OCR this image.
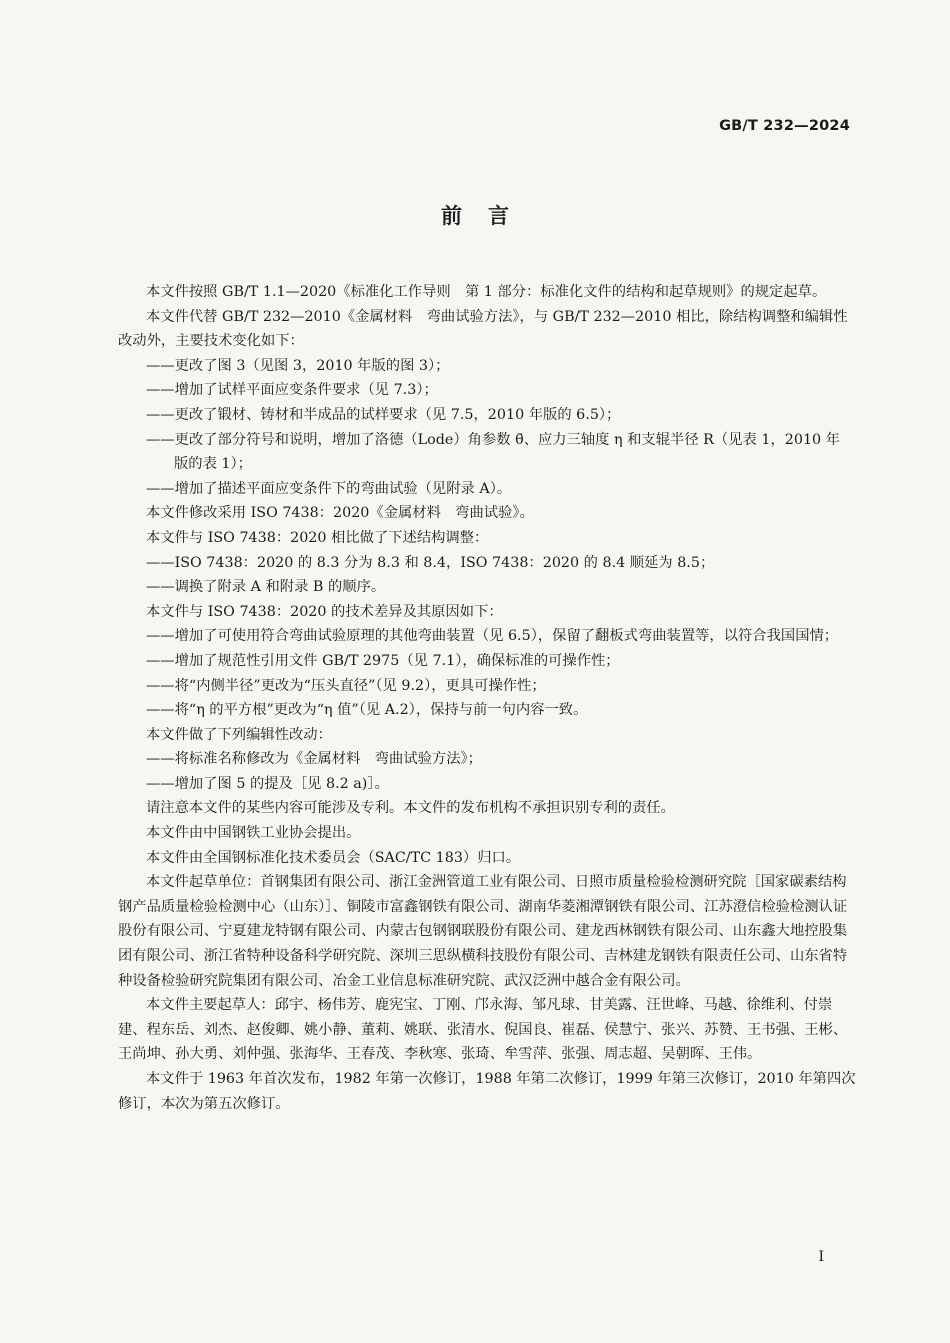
GB/T 232—2024
前言

本文件按照 GB/T 1.1—2020《标准化工作导则　第 1 部分：标准化文件的结构和起草规则》的规定起草。

本文件代替 GB/T 232—2010《金属材料　弯曲试验方法》，与 GB/T 232—2010 相比，除结构调整和编辑性改动外，主要技术变化如下：

—— 更改了图 3（见图 3，2010 年版的图 3）；

—— 增加了试样平面应变条件要求（见 7.3）；

—— 更改了锻材、铸材和半成品的试样要求（见 7.5，2010 年版的 6.5）；

—— 更改了部分符号和说明，增加了洛德（Lode）角参数 θ̄、应力三轴度 η 和支辊半径 R（见表 1，2010 年版的表 1）；

—— 增加了描述平面应变条件下的弯曲试验（见附录 A）。

本文件修改采用 ISO 7438：2020《金属材料　弯曲试验》。

本文件与 ISO 7438：2020 相比做了下述结构调整：

—— ISO 7438：2020 的 8.3 分为 8.3 和 8.4，ISO 7438：2020 的 8.4 顺延为 8.5；

—— 调换了附录 A 和附录 B 的顺序。

本文件与 ISO 7438：2020 的技术差异及其原因如下：

—— 增加了可使用符合弯曲试验原理的其他弯曲装置（见 6.5），保留了翻板式弯曲装置等，以符合我国国情；

—— 增加了规范性引用文件 GB/T 2975（见 7.1），确保标准的可操作性；

—— 将“内侧半径”更改为“压头直径”（见 9.2），更具可操作性；

—— 将“η 的平方根”更改为“η 值”（见 A.2），保持与前一句内容一致。

本文件做了下列编辑性改动：

—— 将标准名称修改为《金属材料　弯曲试验方法》；

—— 增加了图 5 的提及［见 8.2 a)］。

请注意本文件的某些内容可能涉及专利。本文件的发布机构不承担识别专利的责任。

本文件由中国钢铁工业协会提出。

本文件由全国钢标准化技术委员会（SAC/TC 183）归口。

本文件起草单位：首钢集团有限公司、浙江金洲管道工业有限公司、日照市质量检验检测研究院［国家碳素结构钢产品质量检验检测中心（山东）］、铜陵市富鑫钢铁有限公司、湖南华菱湘潭钢铁有限公司、江苏澄信检验检测认证股份有限公司、宁夏建龙特钢有限公司、内蒙古包钢钢联股份有限公司、建龙西林钢铁有限公司、山东鑫大地控股集团有限公司、浙江省特种设备科学研究院、深圳三思纵横科技股份有限公司、吉林建龙钢铁有限责任公司、山东省特种设备检验研究院集团有限公司、冶金工业信息标准研究院、武汉泛洲中越合金有限公司。

本文件主要起草人：邱宇、杨伟芳、鹿宪宝、丁刚、邝永海、邹凡球、甘美露、汪世峰、马越、徐维利、付崇建、程东岳、刘杰、赵俊卿、姚小静、董莉、姚联、张清水、倪国良、崔磊、侯慧宁、张兴、苏赞、王书强、王彬、王尚坤、孙大勇、刘仲强、张海华、王春茂、李秋寒、张琦、牟雪萍、张强、周志超、吴朝晖、王伟。

本文件于 1963 年首次发布，1982 年第一次修订，1988 年第二次修订，1999 年第三次修订，2010 年第四次修订，本次为第五次修订。

I
